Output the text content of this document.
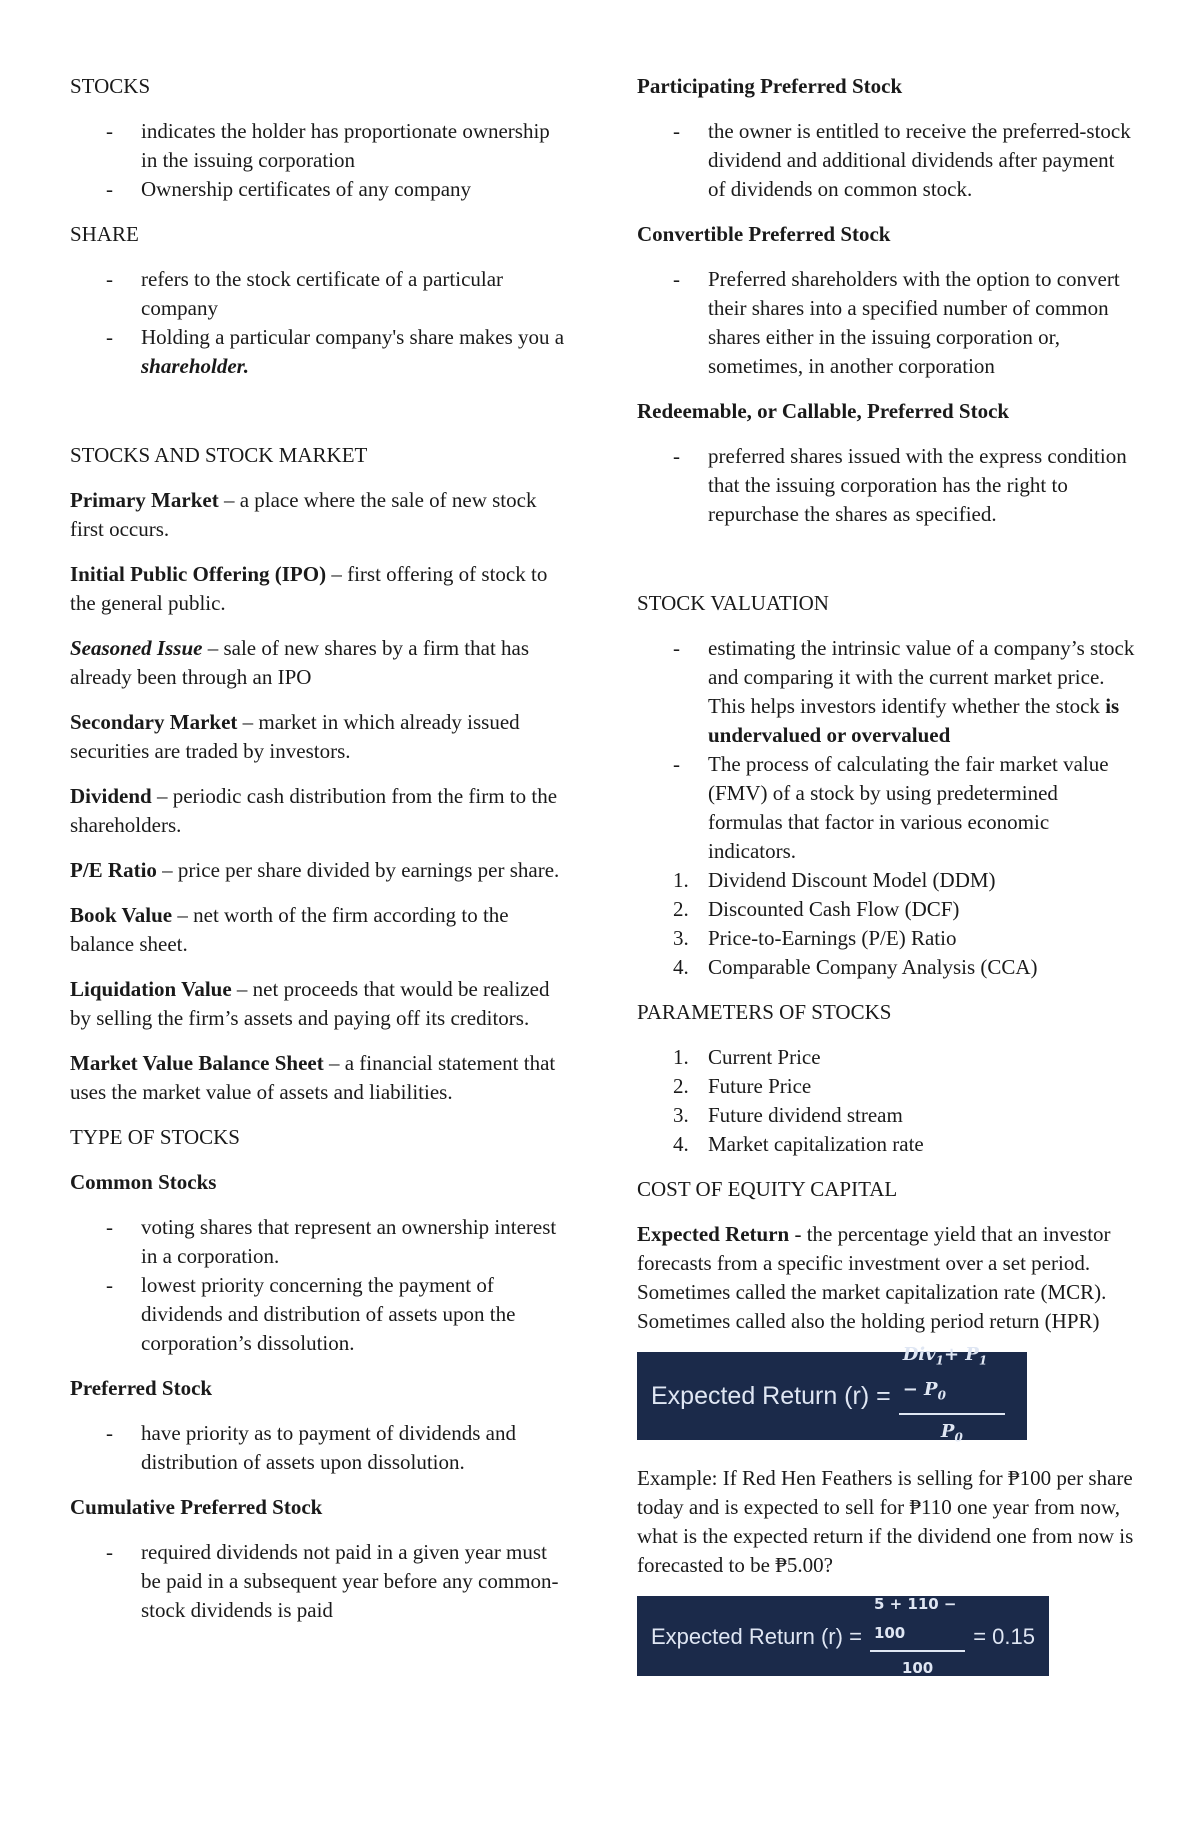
STOCKS
- indicates the holder has proportionate ownership in the issuing corporation
- Ownership certificates of any company
SHARE
- refers to the stock certificate of a particular company
- Holding a particular company's share makes you a shareholder.
STOCKS AND STOCK MARKET

Primary Market – a place where the sale of new stock first occurs.

Initial Public Offering (IPO) – first offering of stock to the general public.

Seasoned Issue – sale of new shares by a firm that has already been through an IPO

Secondary Market – market in which already issued securities are traded by investors.

Dividend – periodic cash distribution from the firm to the shareholders.

P/E Ratio – price per share divided by earnings per share.

Book Value – net worth of the firm according to the balance sheet.

Liquidation Value – net proceeds that would be realized by selling the firm’s assets and paying off its creditors.

Market Value Balance Sheet – a financial statement that uses the market value of assets and liabilities.

TYPE OF STOCKS
Common Stocks
- voting shares that represent an ownership interest in a corporation.
- lowest priority concerning the payment of dividends and distribution of assets upon the corporation’s dissolution.
Preferred Stock
- have priority as to payment of dividends and distribution of assets upon dissolution.
Cumulative Preferred Stock
- required dividends not paid in a given year must be paid in a subsequent year before any common-stock dividends is paid
Participating Preferred Stock
- the owner is entitled to receive the preferred-stock dividend and additional dividends after payment of dividends on common stock.
Convertible Preferred Stock
- Preferred shareholders with the option to convert their shares into a specified number of common shares either in the issuing corporation or, sometimes, in another corporation
Redeemable, or Callable, Preferred Stock
- preferred shares issued with the express condition that the issuing corporation has the right to repurchase the shares as specified.
STOCK VALUATION
- estimating the intrinsic value of a company’s stock and comparing it with the current market price. This helps investors identify whether the stock is undervalued or overvalued
- The process of calculating the fair market value (FMV) of a stock by using predetermined formulas that factor in various economic indicators.
1. Dividend Discount Model (DDM)
2. Discounted Cash Flow (DCF)
3. Price-to-Earnings (P/E) Ratio
4. Comparable Company Analysis (CCA)
PARAMETERS OF STOCKS
1. Current Price
2. Future Price
3. Future dividend stream
4. Market capitalization rate
COST OF EQUITY CAPITAL

Expected Return - the percentage yield that an investor forecasts from a specific investment over a set period. Sometimes called the market capitalization rate (MCR). Sometimes called also the holding period return (HPR)

Expected Return $(r) = \frac{Div_1+ P_1 - P_0}{P_0}$

Example: If Red Hen Feathers is selling for ₱100 per share today and is expected to sell for ₱110 one year from now, what is the expected return if the dividend one from now is forecasted to be ₱5.00?

Expected Return $(r) = \frac{5 + 110 - 100}{100} = 0.15$
